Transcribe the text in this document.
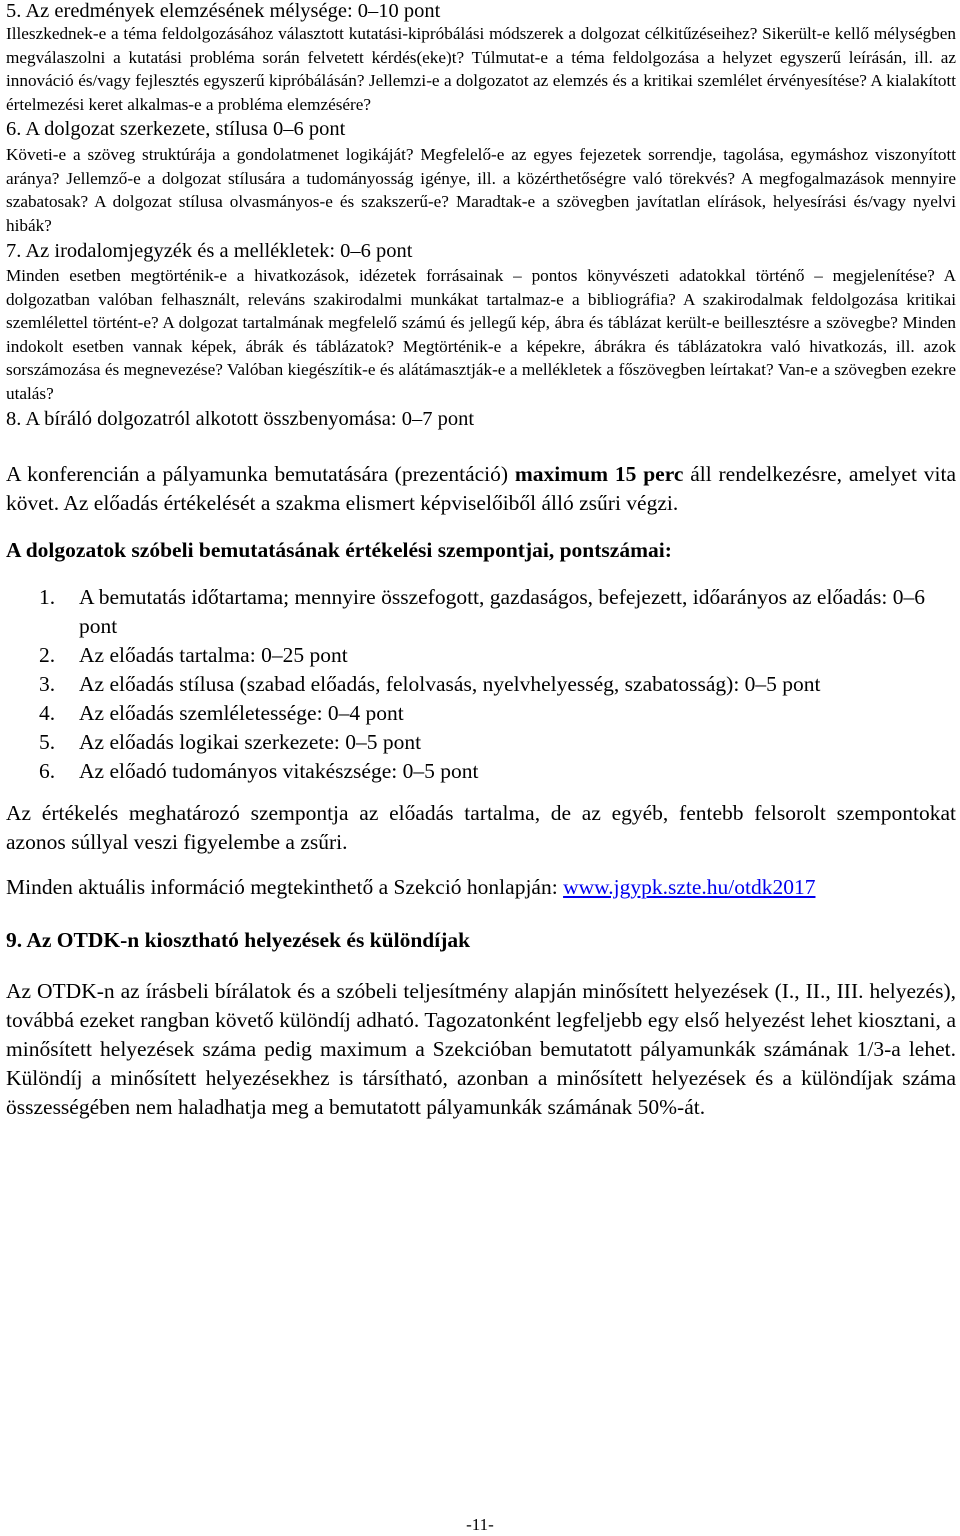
5. Az eredmények elemzésének mélysége: 0–10 pont

Illeszkednek-e a téma feldolgozásához választott kutatási-kipróbálási módszerek a dolgozat célkitűzéseihez? Sikerült-e kellő mélységben megválaszolni a kutatási probléma során felvetett kérdés(eke)t? Túlmutat-e a téma feldolgozása a helyzet egyszerű leírásán, ill. az innováció és/vagy fejlesztés egyszerű kipróbálásán? Jellemzi-e a dolgozatot az elemzés és a kritikai szemlélet érvényesítése? A kialakított értelmezési keret alkalmas-e a probléma elemzésére?

6. A dolgozat szerkezete, stílusa 0–6 pont

Követi-e a szöveg struktúrája a gondolatmenet logikáját? Megfelelő-e az egyes fejezetek sorrendje, tagolása, egymáshoz viszonyított aránya? Jellemző-e a dolgozat stílusára a tudományosság igénye, ill. a közérthetőségre való törekvés? A megfogalmazások mennyire szabatosak? A dolgozat stílusa olvasmányos-e és szakszerű-e? Maradtak-e a szövegben javítatlan elírások, helyesírási és/vagy nyelvi hibák?

7. Az irodalomjegyzék és a mellékletek: 0–6 pont

Minden esetben megtörténik-e a hivatkozások, idézetek forrásainak – pontos könyvészeti adatokkal történő – megjelenítése? A dolgozatban valóban felhasznált, releváns szakirodalmi munkákat tartalmaz-e a bibliográfia? A szakirodalmak feldolgozása kritikai szemlélettel történt-e? A dolgozat tartalmának megfelelő számú és jellegű kép, ábra és táblázat került-e beillesztésre a szövegbe? Minden indokolt esetben vannak képek, ábrák és táblázatok? Megtörténik-e a képekre, ábrákra és táblázatokra való hivatkozás, ill. azok sorszámozása és megnevezése? Valóban kiegészítik-e és alátámasztják-e a mellékletek a főszövegben leírtakat? Van-e a szövegben ezekre utalás?

8. A bíráló dolgozatról alkotott összbenyomása: 0–7 pont

A konferencián a pályamunka bemutatására (prezentáció) maximum 15 perc áll rendelkezésre, amelyet vita követ. Az előadás értékelését a szakma elismert képviselőiből álló zsűri végzi.

A dolgozatok szóbeli bemutatásának értékelési szempontjai, pontszámai:

1. A bemutatás időtartama; mennyire összefogott, gazdaságos, befejezett, időarányos az előadás: 0–6 pont
2. Az előadás tartalma: 0–25 pont
3. Az előadás stílusa (szabad előadás, felolvasás, nyelvhelyesség, szabatosság): 0–5 pont
4. Az előadás szemléletessége: 0–4 pont
5. Az előadás logikai szerkezete: 0–5 pont
6. Az előadó tudományos vitakészsége: 0–5 pont

Az értékelés meghatározó szempontja az előadás tartalma, de az egyéb, fentebb felsorolt szempontokat azonos súllyal veszi figyelembe a zsűri.

Minden aktuális információ megtekinthető a Szekció honlapján: www.jgypk.szte.hu/otdk2017

9. Az OTDK-n kiosztható helyezések és különdíjak

Az OTDK-n az írásbeli bírálatok és a szóbeli teljesítmény alapján minősített helyezések (I., II., III. helyezés), továbbá ezeket rangban követő különdíj adható. Tagozatonként legfeljebb egy első helyezést lehet kiosztani, a minősített helyezések száma pedig maximum a Szekcióban bemutatott pályamunkák számának 1/3-a lehet. Különdíj a minősített helyezésekhez is társítható, azonban a minősített helyezések és a különdíjak száma összességében nem haladhatja meg a bemutatott pályamunkák számának 50%-át.

-11-
